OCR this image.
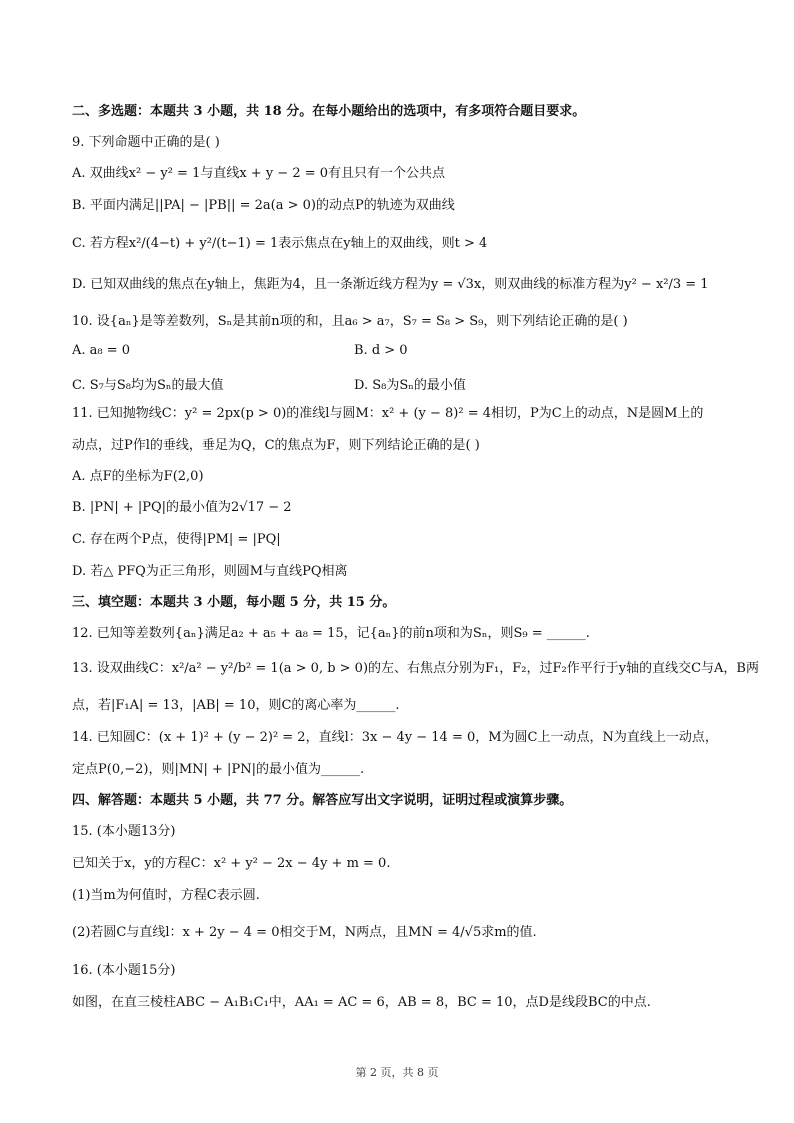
二、多选题：本题共 3 小题，共 18 分。在每小题给出的选项中，有多项符合题目要求。
9. 下列命题中正确的是( )
A. 双曲线x² − y² = 1与直线x + y − 2 = 0有且只有一个公共点
B. 平面内满足||PA| − |PB|| = 2a(a > 0)的动点P的轨迹为双曲线
C. 若方程x²/(4−t) + y²/(t−1) = 1表示焦点在y轴上的双曲线，则t > 4
D. 已知双曲线的焦点在y轴上，焦距为4，且一条渐近线方程为y = √3x，则双曲线的标准方程为y² − x²/3 = 1
10. 设{aₙ}是等差数列，Sₙ是其前n项的和，且a₆ > a₇，S₇ = S₈ > S₉，则下列结论正确的是( )
A. a₈ = 0	B. d > 0
C. S₇与S₈均为Sₙ的最大值	D. S₈为Sₙ的最小值
11. 已知抛物线C：y² = 2px(p > 0)的准线l与圆M：x² + (y − 8)² = 4相切，P为C上的动点，N是圆M上的
动点，过P作l的垂线，垂足为Q，C的焦点为F，则下列结论正确的是( )
A. 点F的坐标为F(2,0)
B. |PN| + |PQ|的最小值为2√17 − 2
C. 存在两个P点，使得|PM| = |PQ|
D. 若△ PFQ为正三角形，则圆M与直线PQ相离
三、填空题：本题共 3 小题，每小题 5 分，共 15 分。
12. 已知等差数列{aₙ}满足a₂ + a₅ + a₈ = 15，记{aₙ}的前n项和为Sₙ，则S₉ = ______.
13. 设双曲线C：x²/a² − y²/b² = 1(a > 0, b > 0)的左、右焦点分别为F₁，F₂，过F₂作平行于y轴的直线交C与A，B两
点，若|F₁A| = 13，|AB| = 10，则C的离心率为______.
14. 已知圆C：(x + 1)² + (y − 2)² = 2，直线l：3x − 4y − 14 = 0，M为圆C上一动点，N为直线上一动点，
定点P(0,−2)，则|MN| + |PN|的最小值为______.
四、解答题：本题共 5 小题，共 77 分。解答应写出文字说明，证明过程或演算步骤。
15. (本小题13分)
已知关于x，y的方程C：x² + y² − 2x − 4y + m = 0.
(1)当m为何值时，方程C表示圆.
(2)若圆C与直线l：x + 2y − 4 = 0相交于M，N两点，且MN = 4/√5求m的值.
16. (本小题15分)
如图，在直三棱柱ABC − A₁B₁C₁中，AA₁ = AC = 6，AB = 8，BC = 10，点D是线段BC的中点.
第 2 页，共 8 页
